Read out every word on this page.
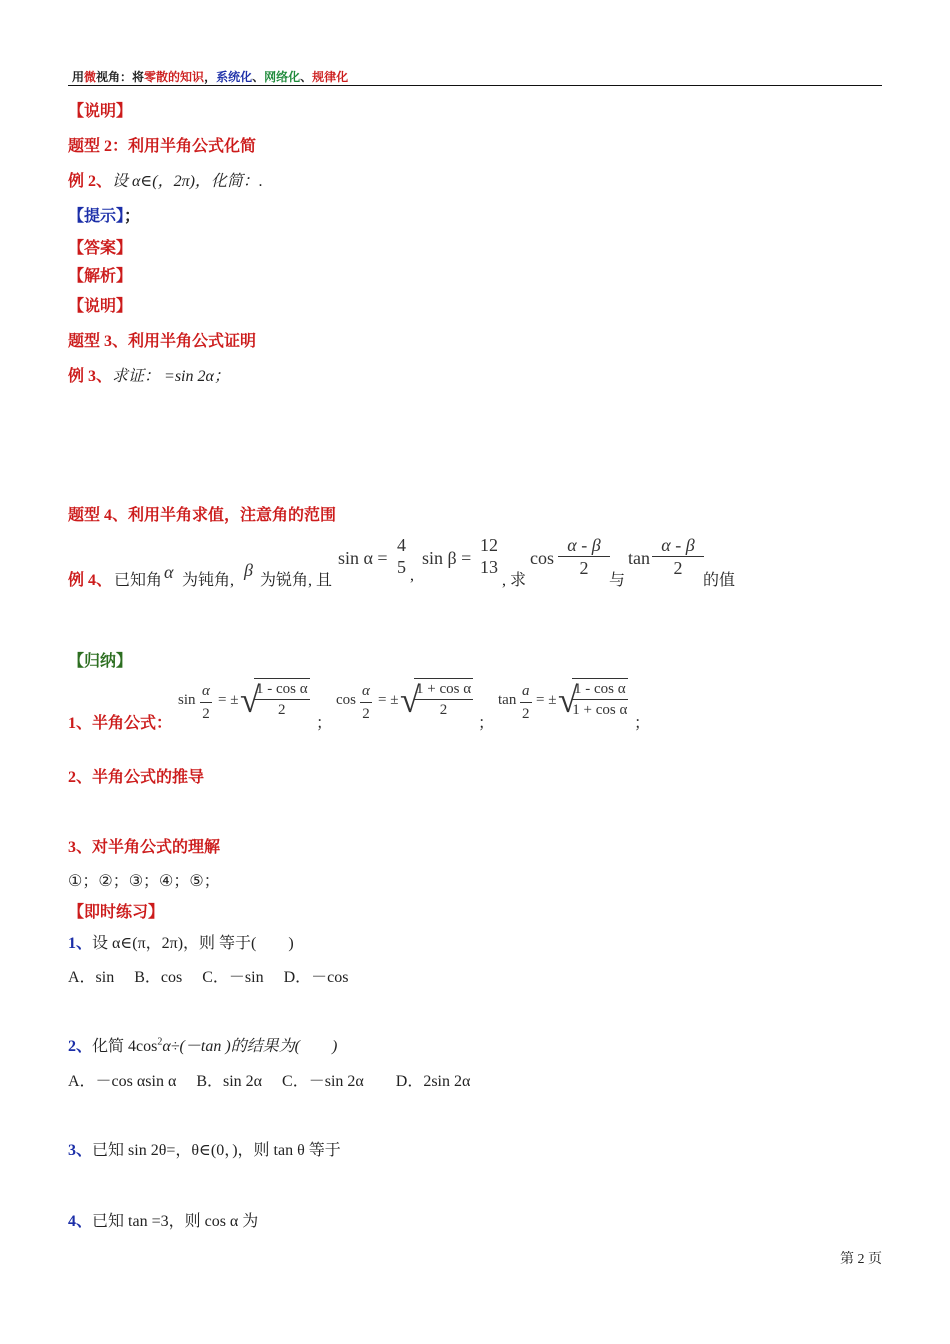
用微视角：将零散的知识，系统化、网络化、规律化
【说明】
题型 2：利用半角公式化简
例 2、设 α∈(，2π)，化简：.
【提示】；
【答案】
【解析】
【说明】
题型 3、利用半角公式证明
例 3、求证： =sin 2α；
题型 4、利用半角求值，注意角的范围
例 4、 已知角 α 为钝角,
β
为锐角, 且
sin α =
4
5 ,
sin β =
12
13
, 求
$\cos \frac{\alpha - \beta}{2}$
与
$\tan \frac{\alpha - \beta}{2}$
的值
【归纳】
1、半角公式：
$\sin \frac{\alpha}{2}$ = ± √
$\frac{\text{1 - cos α}}{2}$
；
$\cos \frac{\alpha}{2}$ = ± √
$\frac{\text{1 + cos α}}{2}$
；
$\tan \frac{a}{2}$ = ± √
$\frac{\text{1 - cos α}}{\text{1 + cos α}}$
；
2、半角公式的推导
3、对半角公式的理解
①；②；③；④；⑤；
【即时练习】
1、设 α∈(π，2π)，则 等于(　　)
A．sin　 B．cos　 C．－sin　 D．－cos
2、化简 $4\cos^2\alpha\div(-\tan$ )的结果为(　　)
A．－cos αsin α　 B．sin 2α　 C．－sin 2α　　D．2sin 2α
3、已知 sin 2θ=，θ∈(0，)，则 tan θ 等于
4、已知 tan =3，则 cos α 为
第 2 页
